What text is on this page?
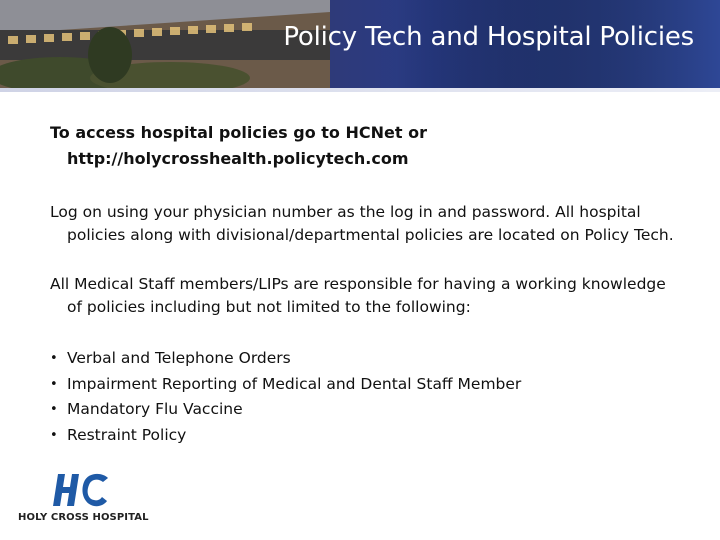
Policy Tech and Hospital Policies
To access hospital policies go to HCNet or
http://holycrosshealth.policytech.com
Log on using your physician number as the log in and password. All hospital
policies along with divisional/departmental policies are located on Policy Tech.
All Medical Staff members/LIPs are responsible for having a working knowledge
of policies including but not limited to the following:
• Verbal and Telephone Orders
• Impairment Reporting of Medical and Dental Staff Member
• Mandatory Flu Vaccine
• Restraint Policy
HOLY CROSS HOSPITAL
